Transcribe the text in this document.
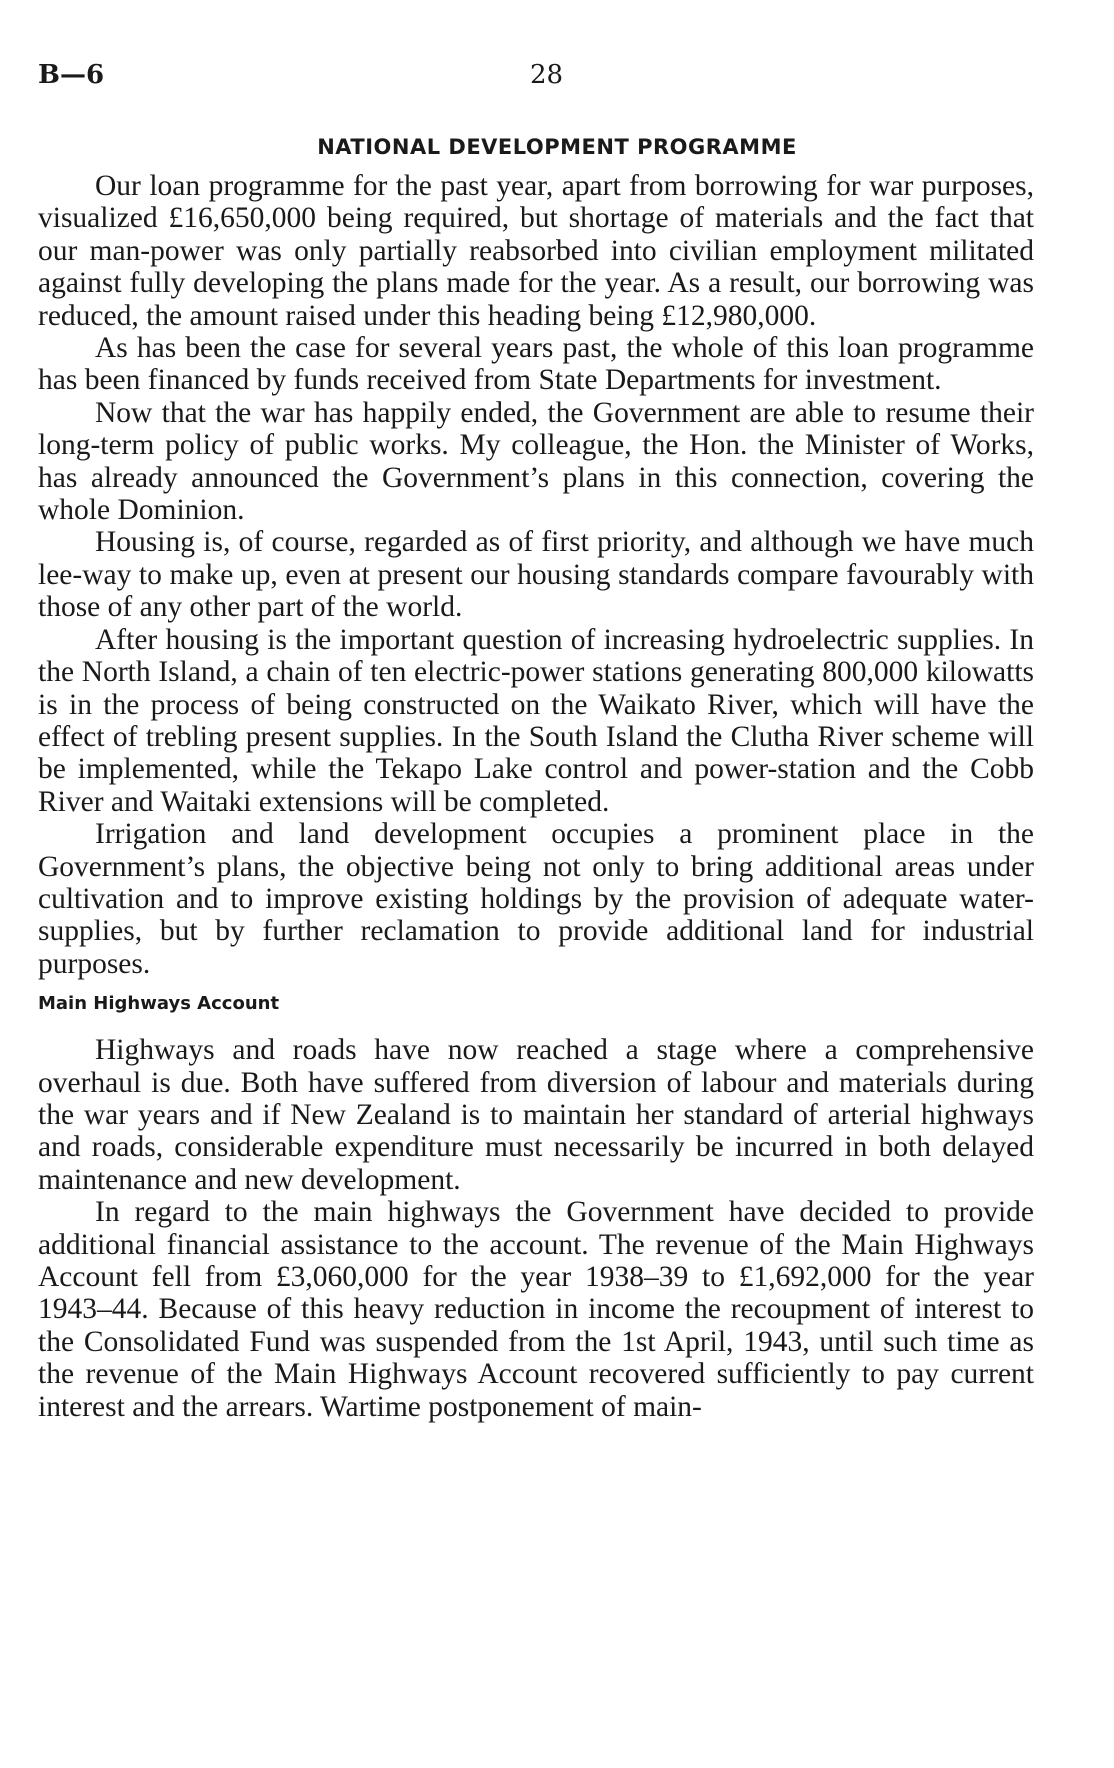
B—6	28
NATIONAL DEVELOPMENT PROGRAMME

Our loan programme for the past year, apart from borrowing for war purposes, visualized £16,650,000 being required, but shortage of materials and the fact that our man-power was only partially reabsorbed into civilian employment militated against fully developing the plans made for the year. As a result, our borrowing was reduced, the amount raised under this heading being £12,980,000.

As has been the case for several years past, the whole of this loan programme has been financed by funds received from State Departments for investment.

Now that the war has happily ended, the Government are able to resume their long-term policy of public works. My colleague, the Hon. the Minister of Works, has already announced the Government’s plans in this connection, covering the whole Dominion.

Housing is, of course, regarded as of first priority, and although we have much lee-way to make up, even at present our housing standards compare favourably with those of any other part of the world.

After housing is the important question of increasing hydroelectric supplies. In the North Island, a chain of ten electric-power stations generating 800,000 kilowatts is in the process of being constructed on the Waikato River, which will have the effect of trebling present supplies. In the South Island the Clutha River scheme will be implemented, while the Tekapo Lake control and power-station and the Cobb River and Waitaki extensions will be completed.

Irrigation and land development occupies a prominent place in the Government’s plans, the objective being not only to bring additional areas under cultivation and to improve existing holdings by the provision of adequate water-supplies, but by further reclamation to provide additional land for industrial purposes.

Main Highways Account

Highways and roads have now reached a stage where a comprehensive overhaul is due. Both have suffered from diversion of labour and materials during the war years and if New Zealand is to maintain her standard of arterial highways and roads, considerable expenditure must necessarily be incurred in both delayed maintenance and new development.

In regard to the main highways the Government have decided to provide additional financial assistance to the account. The revenue of the Main Highways Account fell from £3,060,000 for the year 1938–39 to £1,692,000 for the year 1943–44. Because of this heavy reduction in income the recoupment of interest to the Consolidated Fund was suspended from the 1st April, 1943, until such time as the revenue of the Main Highways Account recovered sufficiently to pay current interest and the arrears. Wartime postponement of main-
